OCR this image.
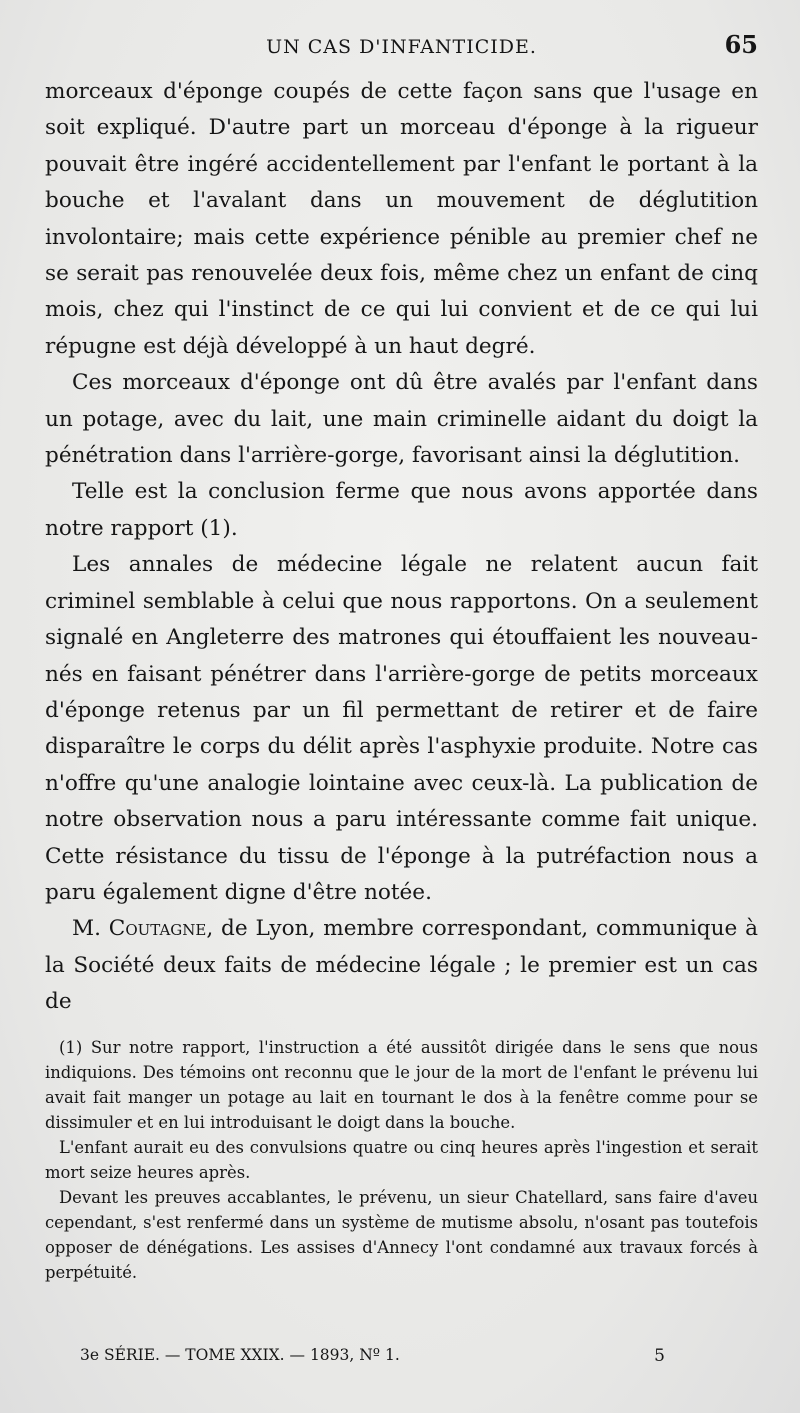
UN CAS D'INFANTICIDE.	65

morceaux d'éponge coupés de cette façon sans que l'usage en soit expliqué. D'autre part un morceau d'éponge à la rigueur pouvait être ingéré accidentellement par l'enfant le portant à la bouche et l'avalant dans un mouvement de déglutition involontaire; mais cette expérience pénible au premier chef ne se serait pas renouvelée deux fois, même chez un enfant de cinq mois, chez qui l'instinct de ce qui lui convient et de ce qui lui répugne est déjà développé à un haut degré.

Ces morceaux d'éponge ont dû être avalés par l'enfant dans un potage, avec du lait, une main criminelle aidant du doigt la pénétration dans l'arrière-gorge, favorisant ainsi la déglutition.

Telle est la conclusion ferme que nous avons apportée dans notre rapport (1).

Les annales de médecine légale ne relatent aucun fait criminel semblable à celui que nous rapportons. On a seulement signalé en Angleterre des matrones qui étouffaient les nouveau-nés en faisant pénétrer dans l'arrière-gorge de petits morceaux d'éponge retenus par un fil permettant de retirer et de faire disparaître le corps du délit après l'asphyxie produite. Notre cas n'offre qu'une analogie lointaine avec ceux-là. La publication de notre observation nous a paru intéressante comme fait unique. Cette résistance du tissu de l'éponge à la putréfaction nous a paru également digne d'être notée.

M. Coutagne, de Lyon, membre correspondant, communique à la Société deux faits de médecine légale ; le premier est un cas de

(1) Sur notre rapport, l'instruction a été aussitôt dirigée dans le sens que nous indiquions. Des témoins ont reconnu que le jour de la mort de l'enfant le prévenu lui avait fait manger un potage au lait en tournant le dos à la fenêtre comme pour se dissimuler et en lui introduisant le doigt dans la bouche.

L'enfant aurait eu des convulsions quatre ou cinq heures après l'ingestion et serait mort seize heures après.

Devant les preuves accablantes, le prévenu, un sieur Chatellard, sans faire d'aveu cependant, s'est renfermé dans un système de mutisme absolu, n'osant pas toutefois opposer de dénégations. Les assises d'Annecy l'ont condamné aux travaux forcés à perpétuité.

3e SÉRIE. — TOME XXIX. — 1893, Nº 1.	5
